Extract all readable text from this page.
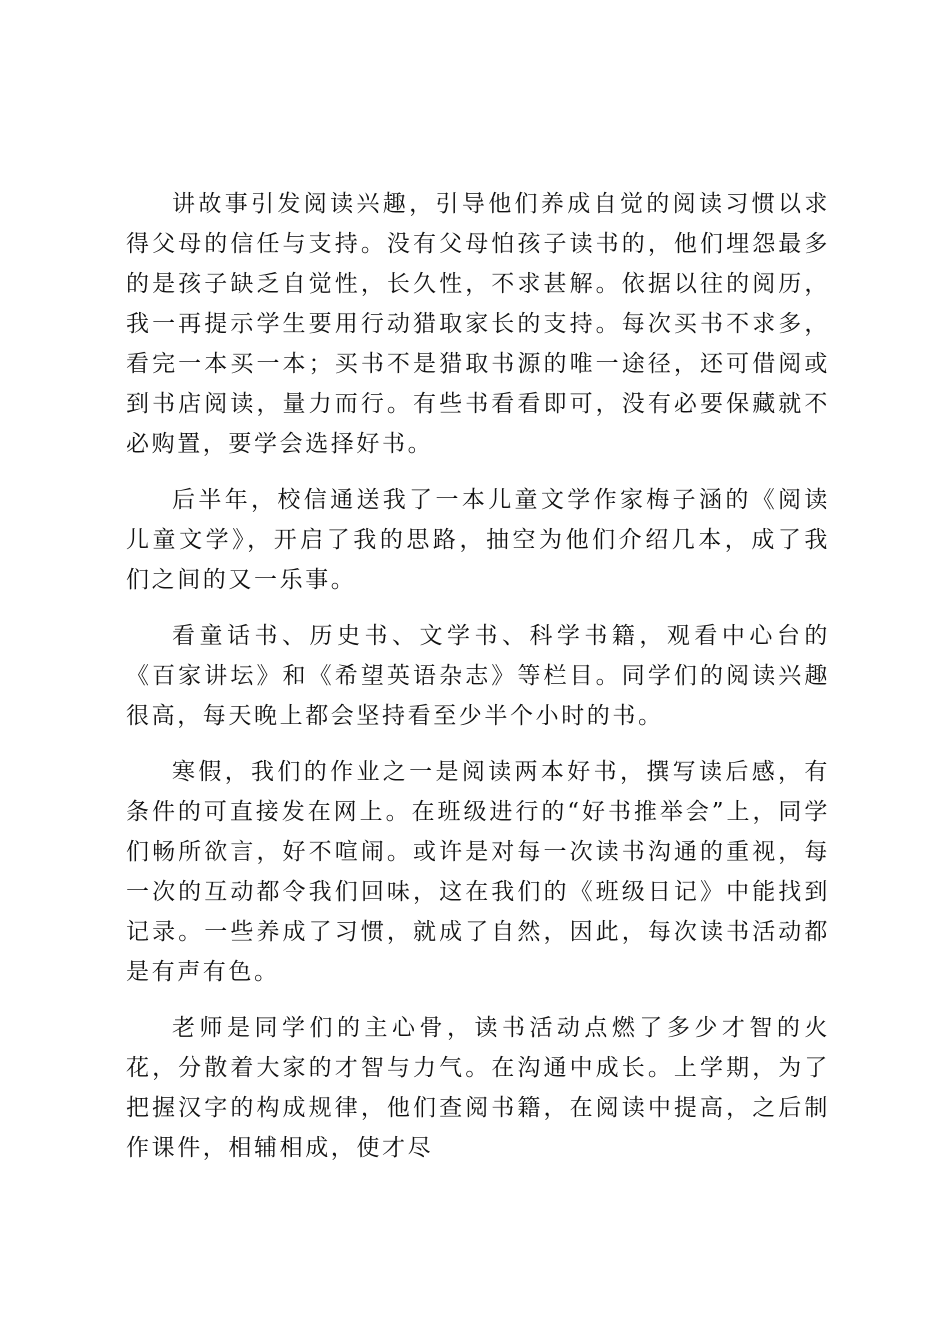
讲故事引发阅读兴趣，引导他们养成自觉的阅读习惯以求得父母的信任与支持。没有父母怕孩子读书的，他们埋怨最多的是孩子缺乏自觉性，长久性，不求甚解。依据以往的阅历，我一再提示学生要用行动猎取家长的支持。每次买书不求多，看完一本买一本；买书不是猎取书源的唯一途径，还可借阅或到书店阅读，量力而行。有些书看看即可，没有必要保藏就不必购置，要学会选择好书。

后半年，校信通送我了一本儿童文学作家梅子涵的《阅读儿童文学》，开启了我的思路，抽空为他们介绍几本，成了我们之间的又一乐事。

看童话书、历史书、文学书、科学书籍，观看中心台的《百家讲坛》和《希望英语杂志》等栏目。同学们的阅读兴趣很高，每天晚上都会坚持看至少半个小时的书。

寒假，我们的作业之一是阅读两本好书，撰写读后感，有条件的可直接发在网上。在班级进行的“好书推举会”上，同学们畅所欲言，好不喧闹。或许是对每一次读书沟通的重视，每一次的互动都令我们回味，这在我们的《班级日记》中能找到记录。一些养成了习惯，就成了自然，因此，每次读书活动都是有声有色。

老师是同学们的主心骨，读书活动点燃了多少才智的火花，分散着大家的才智与力气。在沟通中成长。上学期，为了把握汉字的构成规律，他们查阅书籍，在阅读中提高，之后制作课件，相辅相成，使才尽
